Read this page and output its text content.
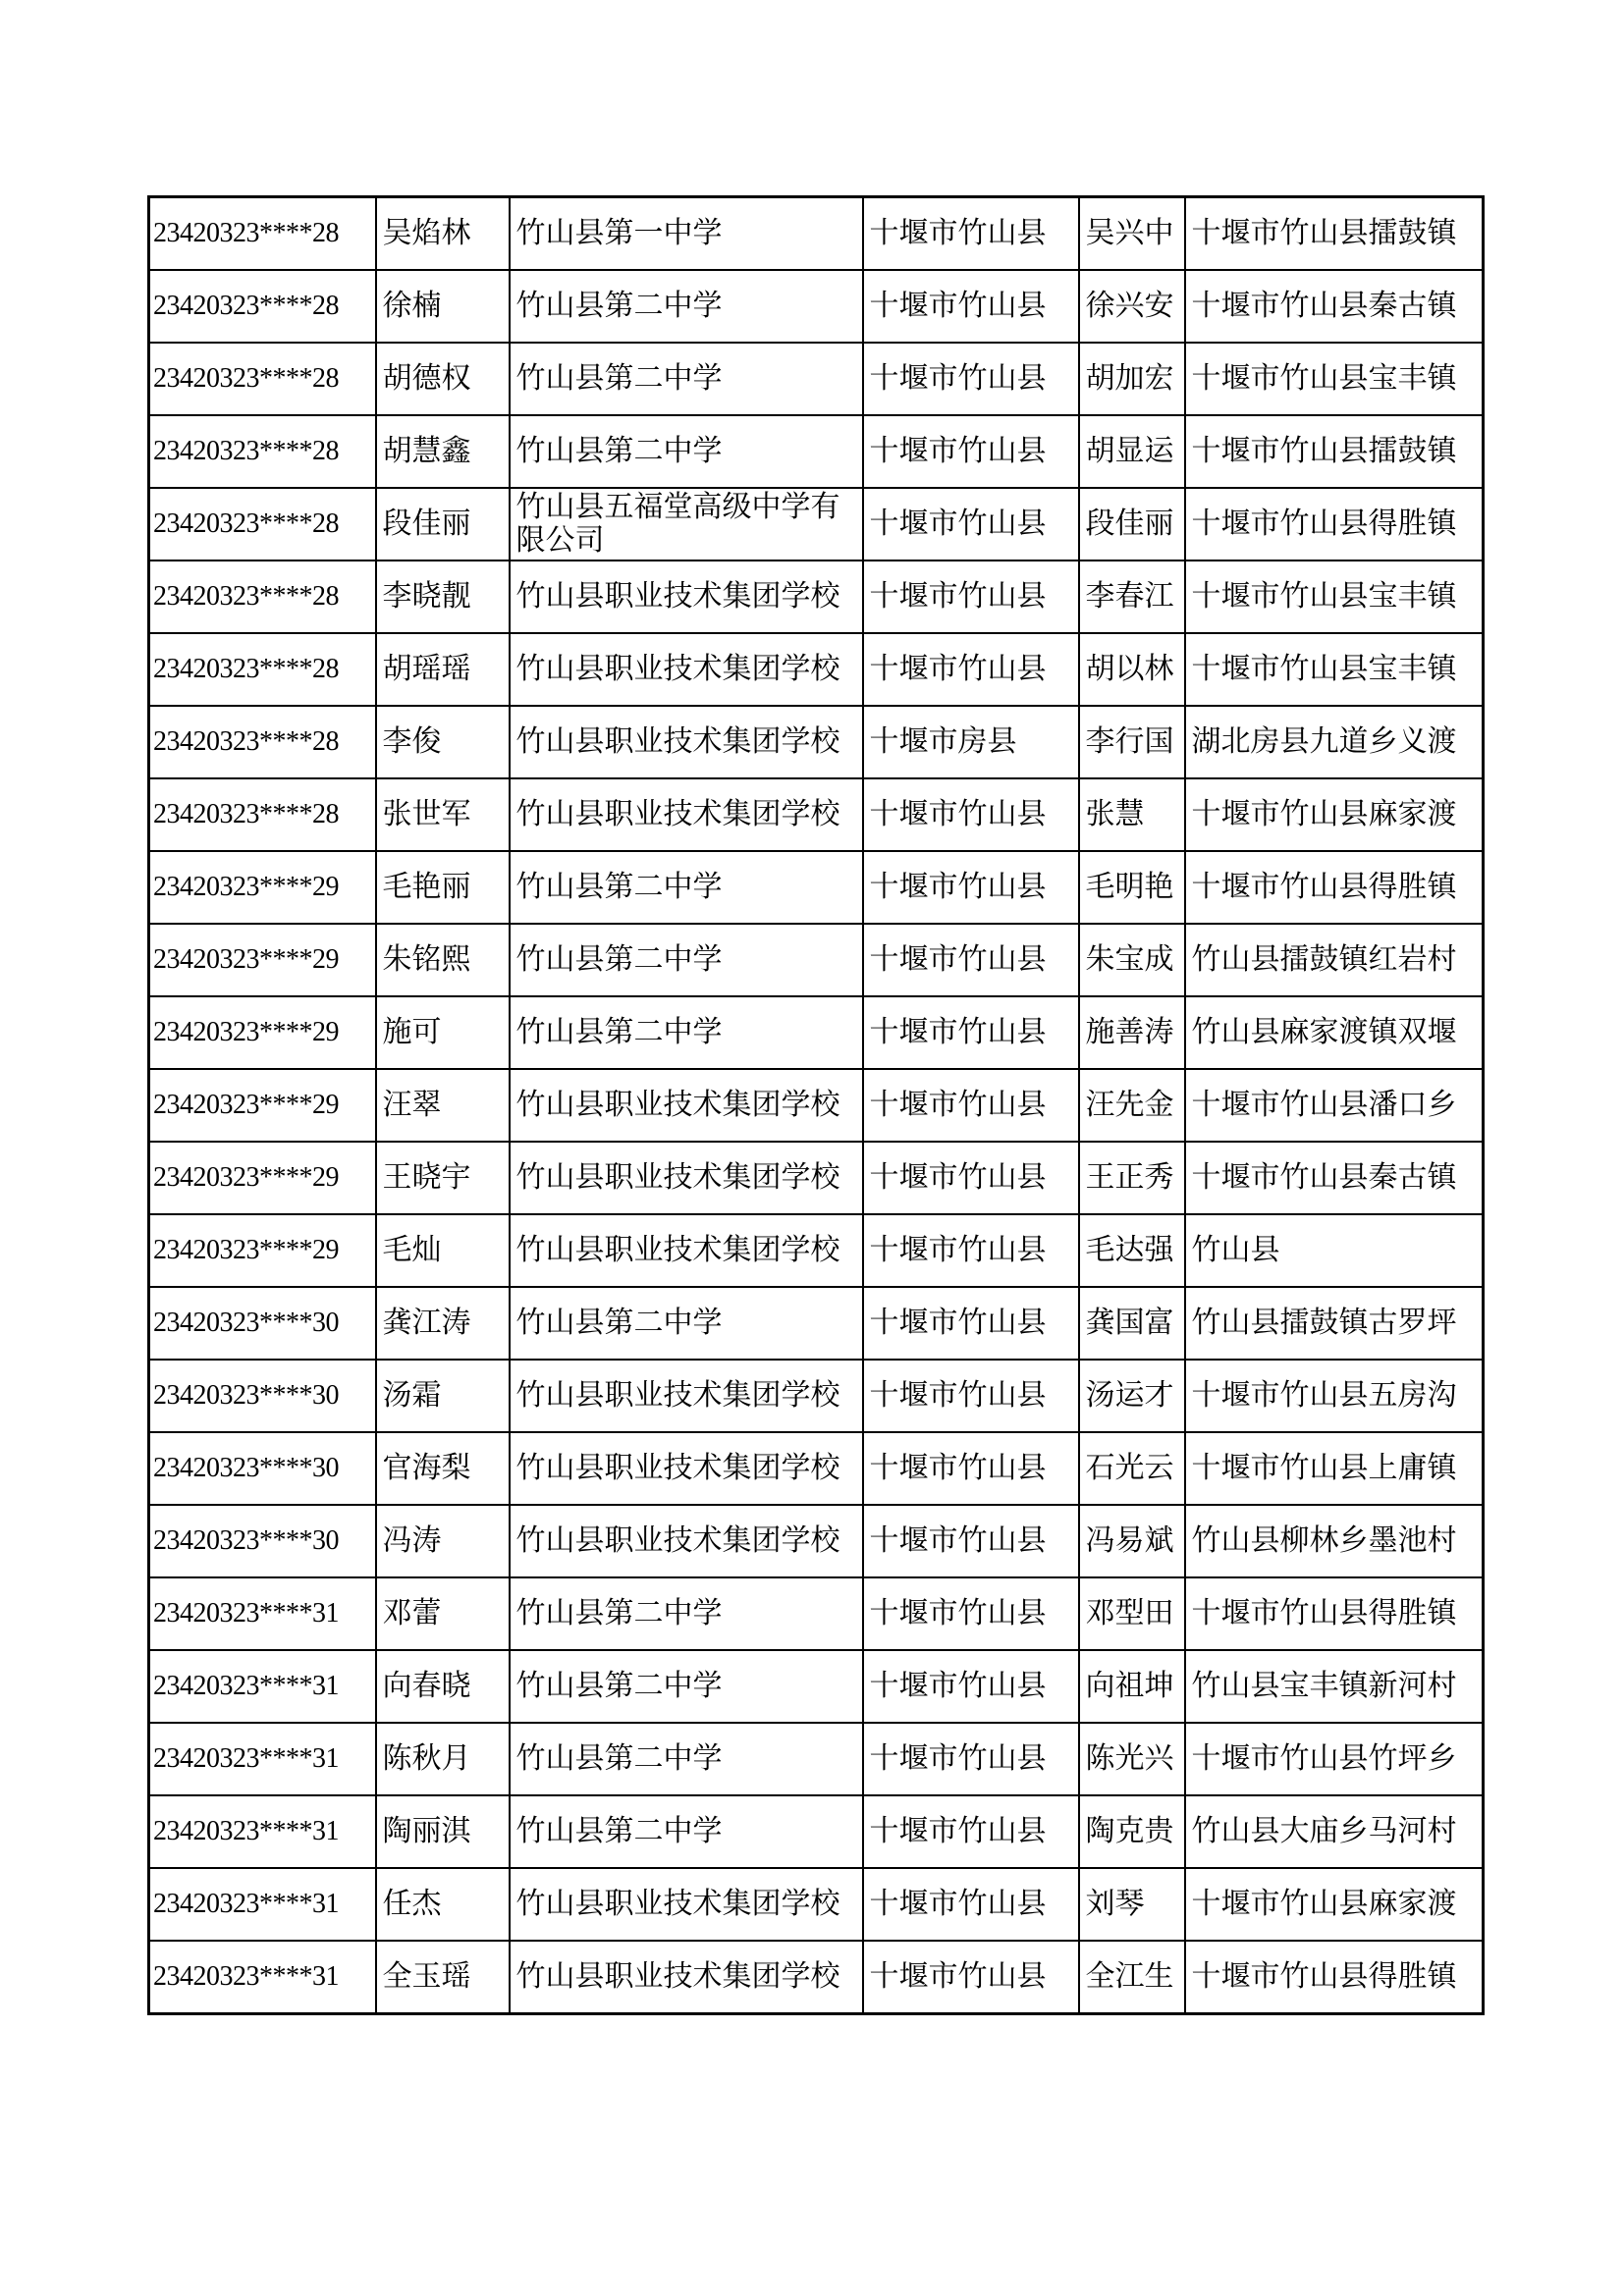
23420323****28	吴焰林	竹山县第一中学	十堰市竹山县	吴兴中	十堰市竹山县擂鼓镇
23420323****28	徐楠	竹山县第二中学	十堰市竹山县	徐兴安	十堰市竹山县秦古镇
23420323****28	胡德权	竹山县第二中学	十堰市竹山县	胡加宏	十堰市竹山县宝丰镇
23420323****28	胡慧鑫	竹山县第二中学	十堰市竹山县	胡显运	十堰市竹山县擂鼓镇
23420323****28	段佳丽	竹山县五福堂高级中学有限公司	十堰市竹山县	段佳丽	十堰市竹山县得胜镇
23420323****28	李晓靓	竹山县职业技术集团学校	十堰市竹山县	李春江	十堰市竹山县宝丰镇
23420323****28	胡瑶瑶	竹山县职业技术集团学校	十堰市竹山县	胡以林	十堰市竹山县宝丰镇
23420323****28	李俊	竹山县职业技术集团学校	十堰市房县	李行国	湖北房县九道乡义渡
23420323****28	张世军	竹山县职业技术集团学校	十堰市竹山县	张慧	十堰市竹山县麻家渡
23420323****29	毛艳丽	竹山县第二中学	十堰市竹山县	毛明艳	十堰市竹山县得胜镇
23420323****29	朱铭熙	竹山县第二中学	十堰市竹山县	朱宝成	竹山县擂鼓镇红岩村
23420323****29	施可	竹山县第二中学	十堰市竹山县	施善涛	竹山县麻家渡镇双堰
23420323****29	汪翠	竹山县职业技术集团学校	十堰市竹山县	汪先金	十堰市竹山县潘口乡
23420323****29	王晓宇	竹山县职业技术集团学校	十堰市竹山县	王正秀	十堰市竹山县秦古镇
23420323****29	毛灿	竹山县职业技术集团学校	十堰市竹山县	毛达强	竹山县
23420323****30	龚江涛	竹山县第二中学	十堰市竹山县	龚国富	竹山县擂鼓镇古罗坪
23420323****30	汤霜	竹山县职业技术集团学校	十堰市竹山县	汤运才	十堰市竹山县五房沟
23420323****30	官海梨	竹山县职业技术集团学校	十堰市竹山县	石光云	十堰市竹山县上庸镇
23420323****30	冯涛	竹山县职业技术集团学校	十堰市竹山县	冯易斌	竹山县柳林乡墨池村
23420323****31	邓蕾	竹山县第二中学	十堰市竹山县	邓型田	十堰市竹山县得胜镇
23420323****31	向春晓	竹山县第二中学	十堰市竹山县	向祖坤	竹山县宝丰镇新河村
23420323****31	陈秋月	竹山县第二中学	十堰市竹山县	陈光兴	十堰市竹山县竹坪乡
23420323****31	陶丽淇	竹山县第二中学	十堰市竹山县	陶克贵	竹山县大庙乡马河村
23420323****31	任杰	竹山县职业技术集团学校	十堰市竹山县	刘琴	十堰市竹山县麻家渡
23420323****31	全玉瑶	竹山县职业技术集团学校	十堰市竹山县	全江生	十堰市竹山县得胜镇
